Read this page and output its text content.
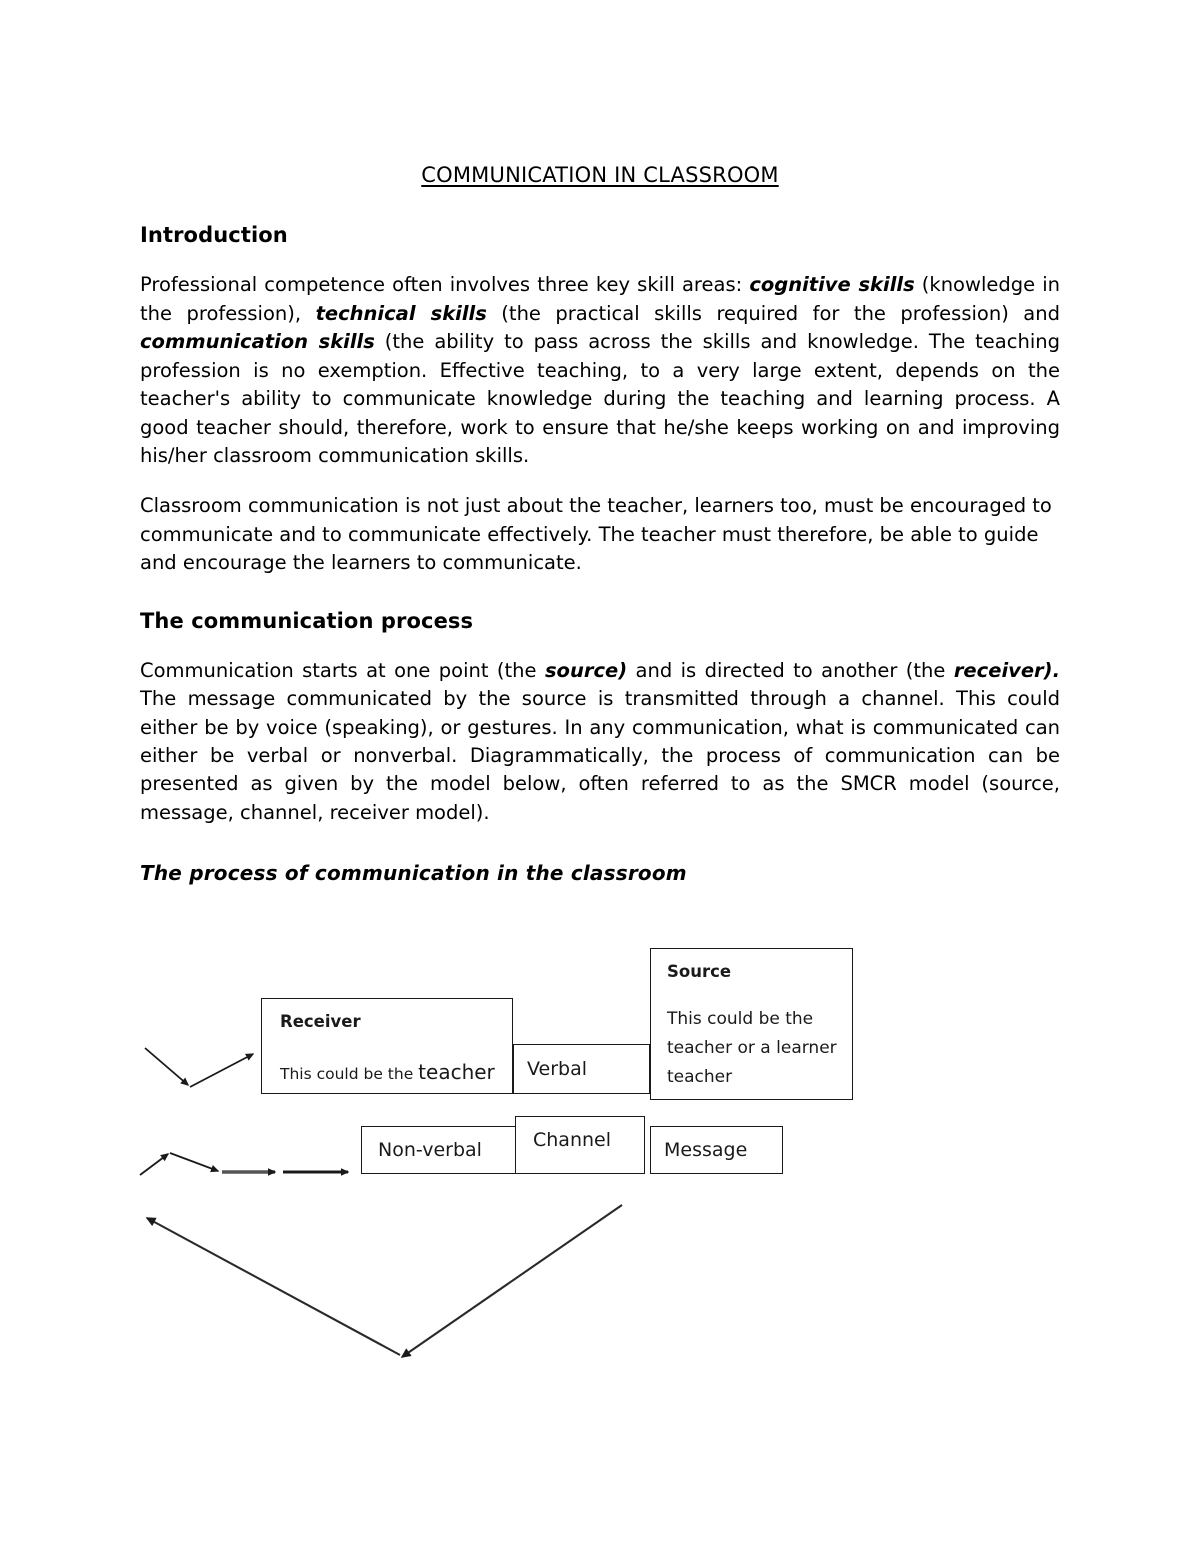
COMMUNICATION IN CLASSROOM
Introduction

Professional competence often involves three key skill areas: cognitive skills (knowledge in the profession), technical skills (the practical skills required for the profession) and communication skills (the ability to pass across the skills and knowledge. The teaching profession is no exemption. Effective teaching, to a very large extent, depends on the teacher's ability to communicate knowledge during the teaching and learning process. A good teacher should, therefore, work to ensure that he/she keeps working on and improving his/her classroom communication skills.

Classroom communication is not just about the teacher, learners too, must be encouraged to communicate and to communicate effectively. The teacher must therefore, be able to guide and encourage the learners to communicate.

The communication process

Communication starts at one point (the source) and is directed to another (the receiver). The message communicated by the source is transmitted through a channel. This could either be by voice (speaking), or gestures. In any communication, what is communicated can either be verbal or nonverbal. Diagrammatically, the process of communication can be presented as given by the model below, often referred to as the SMCR model (source, message, channel, receiver model).

The process of communication in the classroom
Source
This could be the
teacher or a learner
teacher
Receiver
This could be the teacher Verbal
Non-verbal	Message
Channel
